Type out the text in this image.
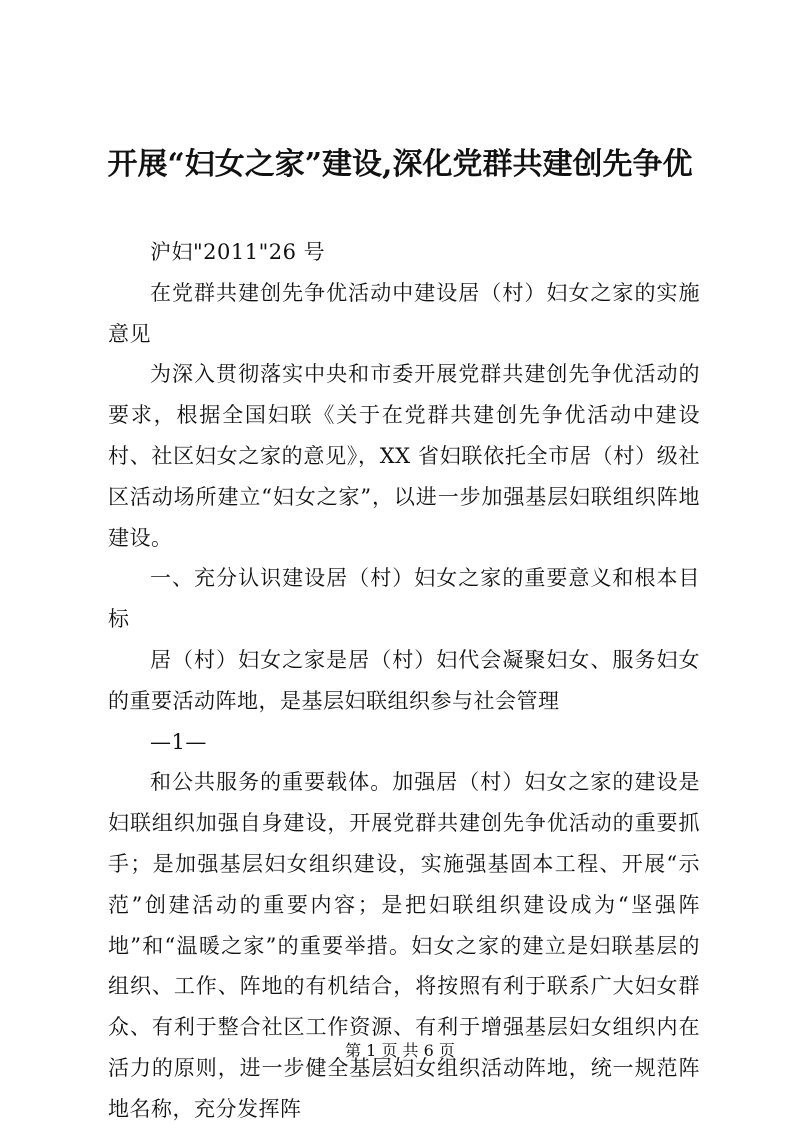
开展“妇女之家”建设,深化党群共建创先争优

沪妇"2011"26 号

在党群共建创先争优活动中建设居（村）妇女之家的实施意见

为深入贯彻落实中央和市委开展党群共建创先争优活动的要求，根据全国妇联《关于在党群共建创先争优活动中建设村、社区妇女之家的意见》，XX 省妇联依托全市居（村）级社区活动场所建立“妇女之家”，以进一步加强基层妇联组织阵地建设。

一、充分认识建设居（村）妇女之家的重要意义和根本目标

居（村）妇女之家是居（村）妇代会凝聚妇女、服务妇女的重要活动阵地，是基层妇联组织参与社会管理

—1—

和公共服务的重要载体。加强居（村）妇女之家的建设是妇联组织加强自身建设，开展党群共建创先争优活动的重要抓手；是加强基层妇女组织建设，实施强基固本工程、开展“示范”创建活动的重要内容；是把妇联组织建设成为“坚强阵地”和“温暖之家”的重要举措。妇女之家的建立是妇联基层的组织、工作、阵地的有机结合，将按照有利于联系广大妇女群众、有利于整合社区工作资源、有利于增强基层妇女组织内在活力的原则，进一步健全基层妇女组织活动阵地，统一规范阵地名称，充分发挥阵

第 1 页 共 6 页
